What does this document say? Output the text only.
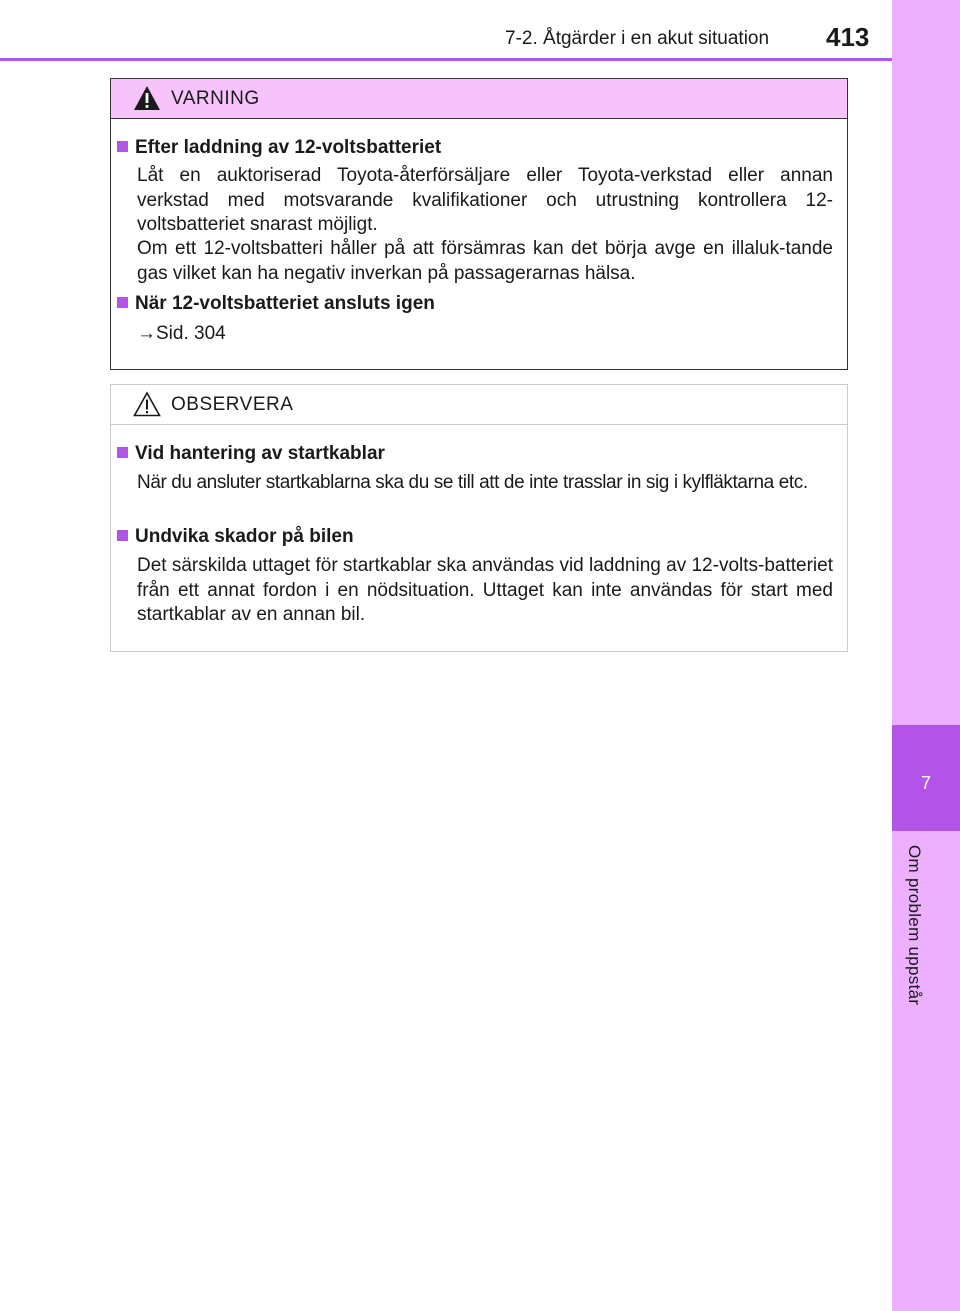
7-2. Åtgärder i en akut situation 413
7
Om problem uppstår
VARNING
Efter laddning av 12-voltsbatteriet
Låt en auktoriserad Toyota-återförsäljare eller Toyota-verkstad eller annan verkstad med motsvarande kvalifikationer och utrustning kontrollera 12-voltsbatteriet snarast möjligt.
Om ett 12-voltsbatteri håller på att försämras kan det börja avge en illaluk-tande gas vilket kan ha negativ inverkan på passagerarnas hälsa.
När 12-voltsbatteriet ansluts igen
→Sid. 304
OBSERVERA
Vid hantering av startkablar
När du ansluter startkablarna ska du se till att de inte trasslar in sig i kylfläktarna etc.
Undvika skador på bilen
Det särskilda uttaget för startkablar ska användas vid laddning av 12-volts-batteriet från ett annat fordon i en nödsituation. Uttaget kan inte användas för start med startkablar av en annan bil.
